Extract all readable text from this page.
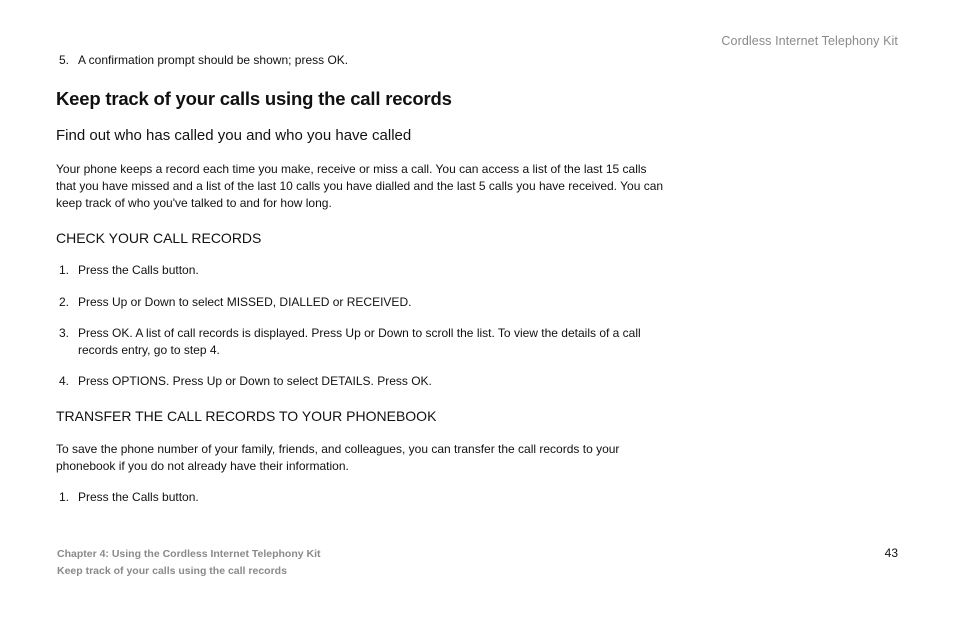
Cordless Internet Telephony Kit
5. A confirmation prompt should be shown; press OK.
Keep track of your calls using the call records
Find out who has called you and who you have called

Your phone keeps a record each time you make, receive or miss a call. You can access a list of the last 15 calls that you have missed and a list of the last 10 calls you have dialled and the last 5 calls you have received. You can keep track of who you've talked to and for how long.

CHECK YOUR CALL RECORDS
1. Press the Calls button.
2. Press Up or Down to select MISSED, DIALLED or RECEIVED.
3. Press OK. A list of call records is displayed. Press Up or Down to scroll the list. To view the details of a call records entry, go to step 4.
4. Press OPTIONS. Press Up or Down to select DETAILS. Press OK.
TRANSFER THE CALL RECORDS TO YOUR PHONEBOOK

To save the phone number of your family, friends, and colleagues, you can transfer the call records to your phonebook if you do not already have their information.

1. Press the Calls button.
Chapter 4: Using the Cordless Internet Telephony Kit
Keep track of your calls using the call records
43
